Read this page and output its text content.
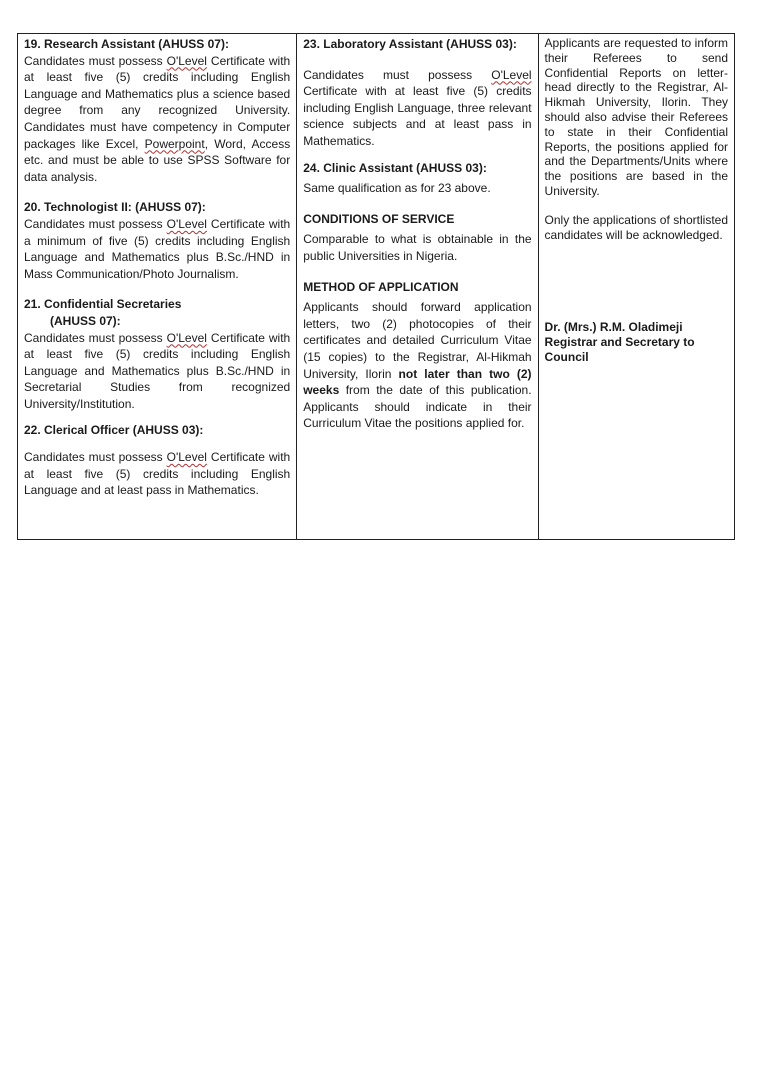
19. Research Assistant (AHUSS 07):

Candidates must possess O'Level Certificate with at least five (5) credits including English Language and Mathematics plus a science based degree from any recognized University. Candidates must have competency in Computer packages like Excel, Powerpoint, Word, Access etc. and must be able to use SPSS Software for data analysis.

20. Technologist II: (AHUSS 07):

Candidates must possess O'Level Certificate with a minimum of five (5) credits including English Language and Mathematics plus B.Sc./HND in Mass Communication/Photo Journalism.

21. Confidential Secretaries

(AHUSS 07):

Candidates must possess O'Level Certificate with at least five (5) credits including English Language and Mathematics plus B.Sc./HND in Secretarial Studies from recognized University/Institution.

22. Clerical Officer (AHUSS 03):

Candidates must possess O'Level Certificate with at least five (5) credits including English Language and at least pass in Mathematics.

23. Laboratory Assistant (AHUSS 03):

Candidates must possess O'Level Certificate with at least five (5) credits including English Language, three relevant science subjects and at least pass in Mathematics.

24. Clinic Assistant (AHUSS 03):

Same qualification as for 23 above.

CONDITIONS OF SERVICE

Comparable to what is obtainable in the public Universities in Nigeria.

METHOD OF APPLICATION

Applicants should forward application letters, two (2) photocopies of their certificates and detailed Curriculum Vitae (15 copies) to the Registrar, Al-Hikmah University, Ilorin not later than two (2) weeks from the date of this publication. Applicants should indicate in their Curriculum Vitae the positions applied for.

Applicants are requested to inform their Referees to send Confidential Reports on letter-head directly to the Registrar, Al-Hikmah University, Ilorin. They should also advise their Referees to state in their Confidential Reports, the positions applied for and the Departments/Units where the positions are based in the University.

Only the applications of shortlisted candidates will be acknowledged.

Dr. (Mrs.) R.M. Oladimeji

Registrar and Secretary to Council
